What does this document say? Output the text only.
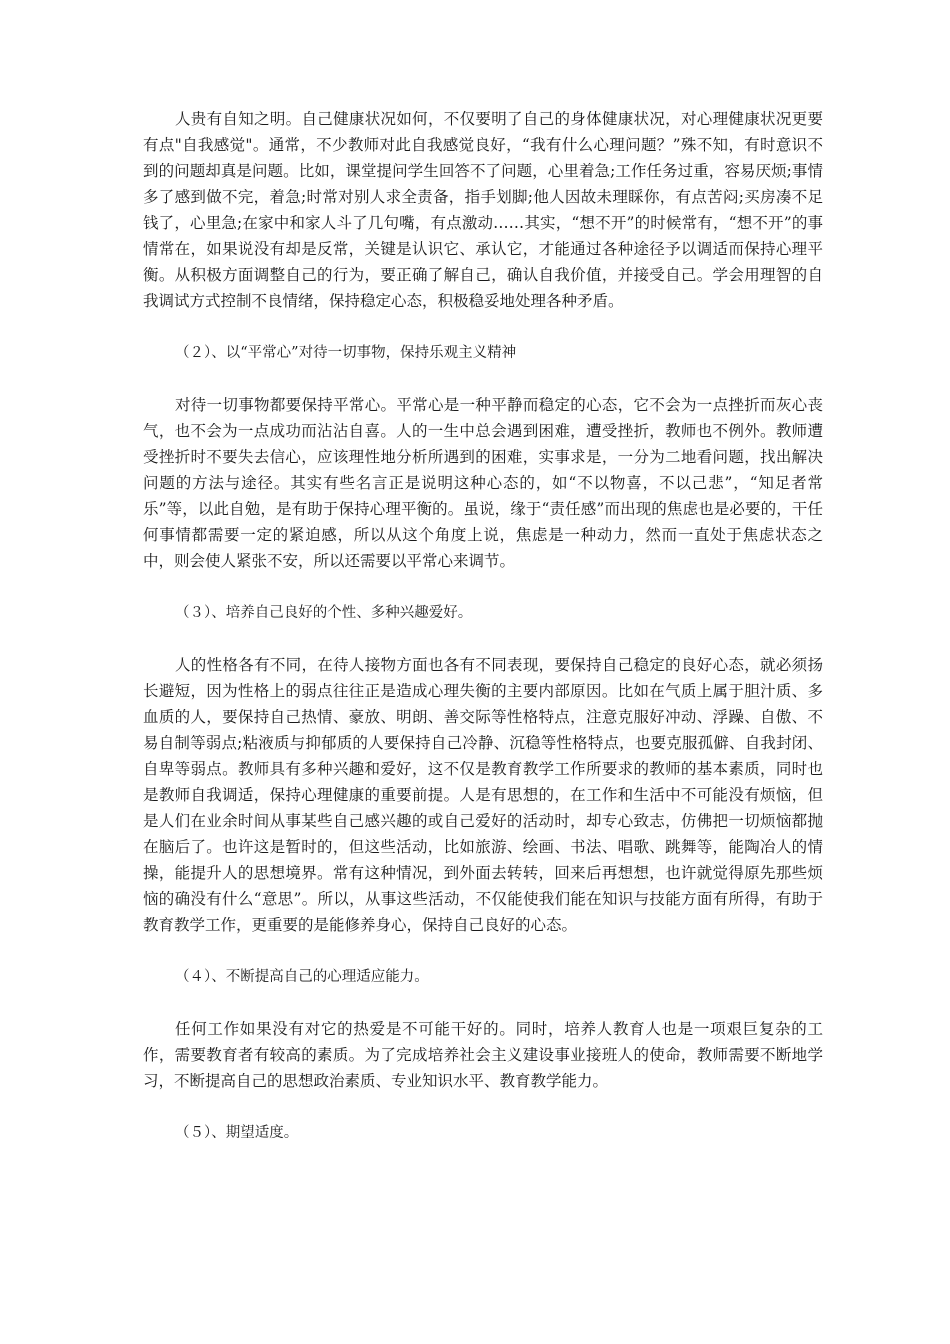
人贵有自知之明。自己健康状况如何，不仅要明了自己的身体健康状况，对心理健康状况更要有点"自我感觉"。通常，不少教师对此自我感觉良好，“我有什么心理问题？”殊不知，有时意识不到的问题却真是问题。比如，课堂提问学生回答不了问题，心里着急;工作任务过重，容易厌烦;事情多了感到做不完，着急;时常对别人求全责备，指手划脚;他人因故未理睬你，有点苦闷;买房凑不足钱了，心里急;在家中和家人斗了几句嘴，有点激动……其实，“想不开”的时候常有，“想不开”的事情常在，如果说没有却是反常，关键是认识它、承认它，才能通过各种途径予以调适而保持心理平衡。从积极方面调整自己的行为，要正确了解自己，确认自我价值，并接受自己。学会用理智的自我调试方式控制不良情绪，保持稳定心态，积极稳妥地处理各种矛盾。

（２）、以“平常心”对待一切事物，保持乐观主义精神

对待一切事物都要保持平常心。平常心是一种平静而稳定的心态，它不会为一点挫折而灰心丧气，也不会为一点成功而沾沾自喜。人的一生中总会遇到困难，遭受挫折，教师也不例外。教师遭受挫折时不要失去信心，应该理性地分析所遇到的困难，实事求是，一分为二地看问题，找出解决问题的方法与途径。其实有些名言正是说明这种心态的，如“不以物喜，不以己悲”，“知足者常乐”等，以此自勉，是有助于保持心理平衡的。虽说，缘于“责任感”而出现的焦虑也是必要的，干任何事情都需要一定的紧迫感，所以从这个角度上说，焦虑是一种动力，然而一直处于焦虑状态之中，则会使人紧张不安，所以还需要以平常心来调节。

（３）、培养自己良好的个性、多种兴趣爱好。

人的性格各有不同，在待人接物方面也各有不同表现，要保持自己稳定的良好心态，就必须扬长避短，因为性格上的弱点往往正是造成心理失衡的主要内部原因。比如在气质上属于胆汁质、多血质的人，要保持自己热情、豪放、明朗、善交际等性格特点，注意克服好冲动、浮躁、自傲、不易自制等弱点;粘液质与抑郁质的人要保持自己冷静、沉稳等性格特点，也要克服孤僻、自我封闭、自卑等弱点。教师具有多种兴趣和爱好，这不仅是教育教学工作所要求的教师的基本素质，同时也是教师自我调适，保持心理健康的重要前提。人是有思想的，在工作和生活中不可能没有烦恼，但是人们在业余时间从事某些自己感兴趣的或自己爱好的活动时，却专心致志，仿佛把一切烦恼都抛在脑后了。也许这是暂时的，但这些活动，比如旅游、绘画、书法、唱歌、跳舞等，能陶冶人的情操，能提升人的思想境界。常有这种情况，到外面去转转，回来后再想想，也许就觉得原先那些烦恼的确没有什么“意思”。所以，从事这些活动，不仅能使我们能在知识与技能方面有所得，有助于教育教学工作，更重要的是能修养身心，保持自己良好的心态。

（４）、不断提高自己的心理适应能力。

任何工作如果没有对它的热爱是不可能干好的。同时，培养人教育人也是一项艰巨复杂的工作，需要教育者有较高的素质。为了完成培养社会主义建设事业接班人的使命，教师需要不断地学习，不断提高自己的思想政治素质、专业知识水平、教育教学能力。

（５）、期望适度。
